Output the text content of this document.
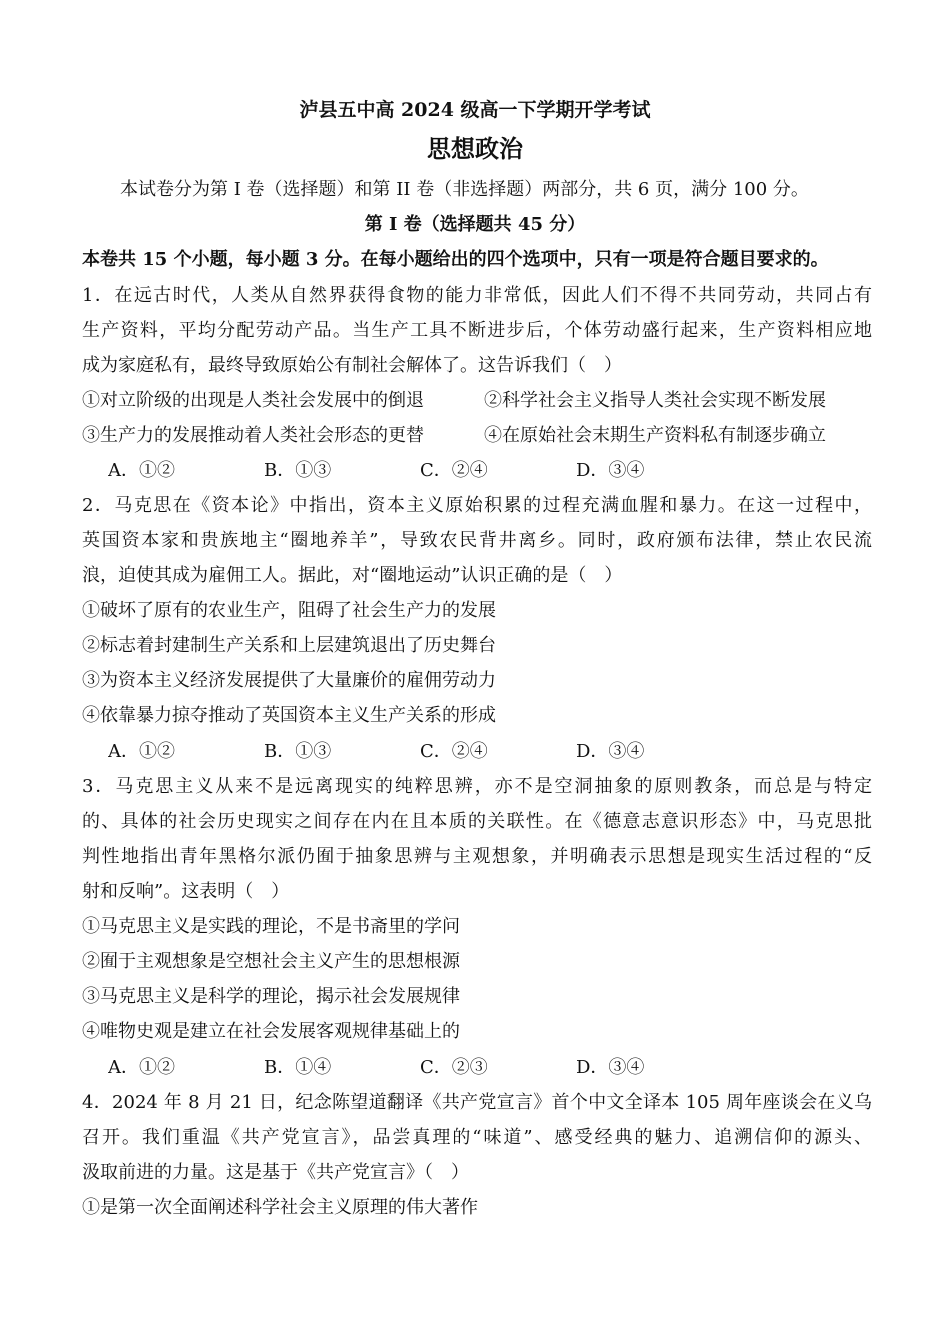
泸县五中高 2024 级高一下学期开学考试
思想政治
本试卷分为第 I 卷（选择题）和第 II 卷（非选择题）两部分，共 6 页，满分 100 分。
第 I 卷（选择题共 45 分）
本卷共 15 个小题，每小题 3 分。在每小题给出的四个选项中，只有一项是符合题目要求的。
1．在远古时代，人类从自然界获得食物的能力非常低，因此人们不得不共同劳动，共同占有
生产资料，平均分配劳动产品。当生产工具不断进步后，个体劳动盛行起来，生产资料相应地
成为家庭私有，最终导致原始公有制社会解体了。这告诉我们（　）
①对立阶级的出现是人类社会发展中的倒退	②科学社会主义指导人类社会实现不断发展
③生产力的发展推动着人类社会形态的更替	④在原始社会末期生产资料私有制逐步确立
A．①②	B．①③	C．②④	D．③④
2．马克思在《资本论》中指出，资本主义原始积累的过程充满血腥和暴力。在这一过程中，
英国资本家和贵族地主“圈地养羊”，导致农民背井离乡。同时，政府颁布法律，禁止农民流
浪，迫使其成为雇佣工人。据此，对“圈地运动”认识正确的是（　）
①破坏了原有的农业生产，阻碍了社会生产力的发展
②标志着封建制生产关系和上层建筑退出了历史舞台
③为资本主义经济发展提供了大量廉价的雇佣劳动力
④依靠暴力掠夺推动了英国资本主义生产关系的形成
A．①②	B．①③	C．②④	D．③④
3．马克思主义从来不是远离现实的纯粹思辨，亦不是空洞抽象的原则教条，而总是与特定
的、具体的社会历史现实之间存在内在且本质的关联性。在《德意志意识形态》中，马克思批
判性地指出青年黑格尔派仍囿于抽象思辨与主观想象，并明确表示思想是现实生活过程的“反
射和反响”。这表明（　）
①马克思主义是实践的理论，不是书斋里的学问
②囿于主观想象是空想社会主义产生的思想根源
③马克思主义是科学的理论，揭示社会发展规律
④唯物史观是建立在社会发展客观规律基础上的
A．①②	B．①④	C．②③	D．③④
4．2024 年 8 月 21 日，纪念陈望道翻译《共产党宣言》首个中文全译本 105 周年座谈会在义乌
召开。我们重温《共产党宣言》，品尝真理的“味道”、感受经典的魅力、追溯信仰的源头、
汲取前进的力量。这是基于《共产党宣言》（　）
①是第一次全面阐述科学社会主义原理的伟大著作
